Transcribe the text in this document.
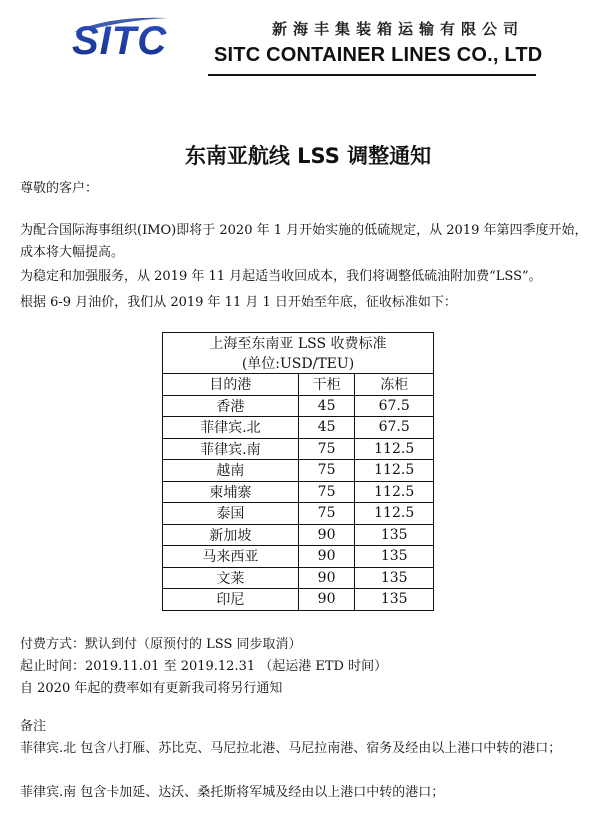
SITC	新海丰集装箱运输有限公司
SITC CONTAINER LINES CO., LTD
东南亚航线 LSS 调整通知
尊敬的客户：
为配合国际海事组织(IMO)即将于 2020 年 1 月开始实施的低硫规定，从 2019 年第四季度开始，成本将大幅提高。
为稳定和加强服务，从 2019 年 11 月起适当收回成本，我们将调整低硫油附加费“LSS”。
根据 6-9 月油价，我们从 2019 年 11 月 1 日开始至年底，征收标准如下：
上海至东南亚 LSS 收费标准		
(单位:USD/TEU)		
目的港	干柜	冻柜
香港	45	67.5
菲律宾.北	45	67.5
菲律宾.南	75	112.5
越南	75	112.5
柬埔寨	75	112.5
泰国	75	112.5
新加坡	90	135
马来西亚	90	135
文莱	90	135
印尼	90	135
付费方式：默认到付（原预付的 LSS 同步取消）
起止时间：2019.11.01 至 2019.12.31 （起运港 ETD 时间）
自 2020 年起的费率如有更新我司将另行通知
备注
菲律宾.北 包含八打雁、苏比克、马尼拉北港、马尼拉南港、宿务及经由以上港口中转的港口；
菲律宾.南 包含卡加延、达沃、桑托斯将军城及经由以上港口中转的港口；
